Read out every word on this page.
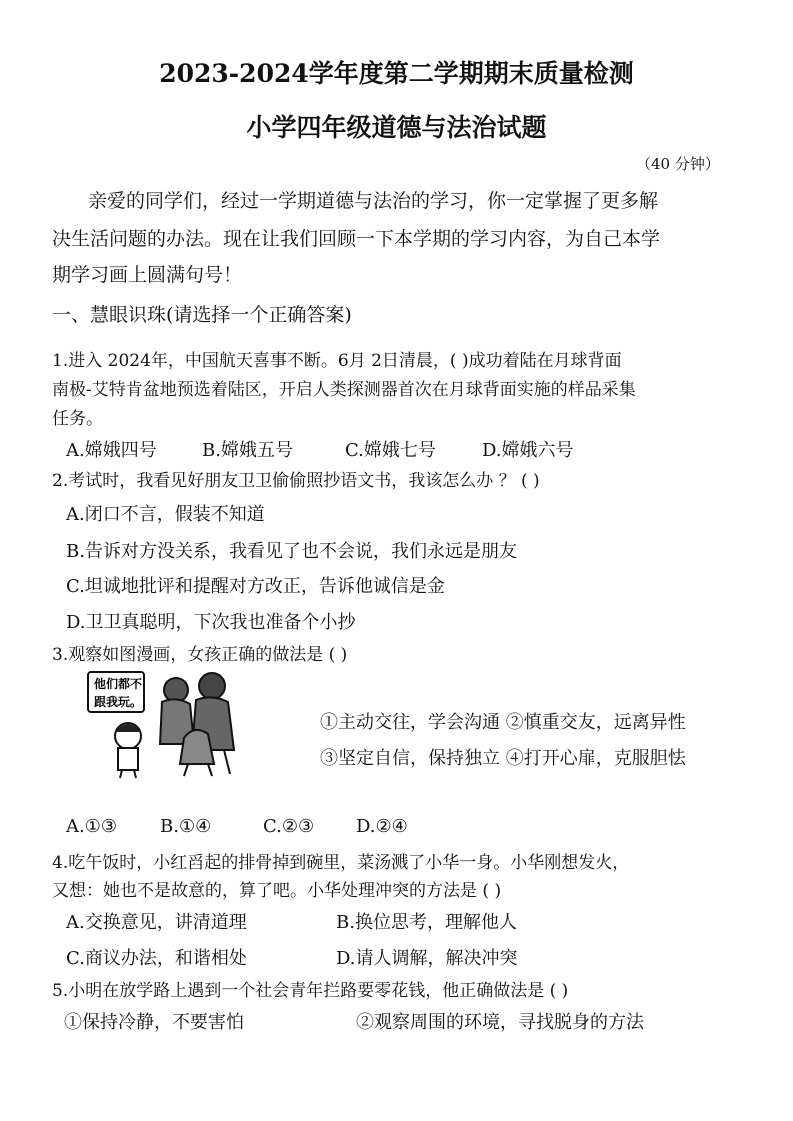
2023-2024学年度第二学期期末质量检测
小学四年级道德与法治试题
（40 分钟）
亲爱的同学们，经过一学期道德与法治的学习，你一定掌握了更多解
决生活问题的办法。现在让我们回顾一下本学期的学习内容，为自己本学
期学习画上圆满句号！
一、慧眼识珠(请选择一个正确答案)
1.进入 2024年，中国航天喜事不断。6月 2日清晨，( )成功着陆在月球背面
南极-艾特肯盆地预选着陆区，开启人类探测器首次在月球背面实施的样品采集
任务。
A.嫦娥四号	B.嫦娥五号	C.嫦娥七号	D.嫦娥六号
2.考试时，我看见好朋友卫卫偷偷照抄语文书，我该怎么办 ？ ( )
A.闭口不言，假装不知道
B.告诉对方没关系，我看见了也不会说，我们永远是朋友
C.坦诚地批评和提醒对方改正，告诉他诚信是金
D.卫卫真聪明，下次我也准备个小抄
3.观察如图漫画，女孩正确的做法是 ( )
他们都不
跟我玩。
①主动交往，学会沟通 ②慎重交友，远离异性
③坚定自信，保持独立 ④打开心扉，克服胆怯
A.①③ B.①④	C.②③ D.②④
4.吃午饭时，小红舀起的排骨掉到碗里，菜汤溅了小华一身。小华刚想发火，
又想：她也不是故意的，算了吧。小华处理冲突的方法是 ( )
A.交换意见，讲清道理	B.换位思考，理解他人
C.商议办法，和谐相处	D.请人调解，解决冲突
5.小明在放学路上遇到一个社会青年拦路要零花钱，他正确做法是 ( )
①保持冷静，不要害怕	②观察周围的环境，寻找脱身的方法
